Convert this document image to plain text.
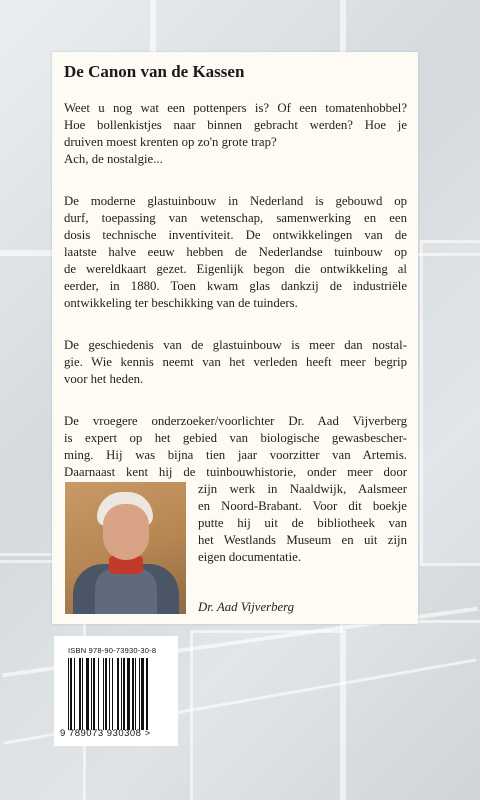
De Canon van de Kassen
Weet u nog wat een pottenpers is? Of een tomatenhobbel?
Hoe bollenkistjes naar binnen gebracht werden? Hoe je
druiven moest krenten op zo'n grote trap?
Ach, de nostalgie...
De moderne glastuinbouw in Nederland is gebouwd op
durf, toepassing van wetenschap, samenwerking en een
dosis technische inventiviteit. De ontwikkelingen van de
laatste halve eeuw hebben de Nederlandse tuinbouw op
de wereldkaart gezet. Eigenlijk begon die ontwikkeling al
eerder, in 1880. Toen kwam glas dankzij de industriële
ontwikkeling ter beschikking van de tuinders.
De geschiedenis van de glastuinbouw is meer dan nostal-
gie. Wie kennis neemt van het verleden heeft meer begrip
voor het heden.
De vroegere onderzoeker/voorlichter Dr. Aad Vijverberg
is expert op het gebied van biologische gewasbescher-
ming. Hij was bijna tien jaar voorzitter van Artemis.
Daarnaast kent hij de tuinbouwhistorie, onder meer door
zijn werk in Naaldwijk, Aalsmeer
en Noord-Brabant. Voor dit boekje
putte hij uit de bibliotheek van
het Westlands Museum en uit zijn
eigen documentatie.

Dr. Aad Vijverberg

ISBN 978-90-73930-30-8

9 789073 930308 >
